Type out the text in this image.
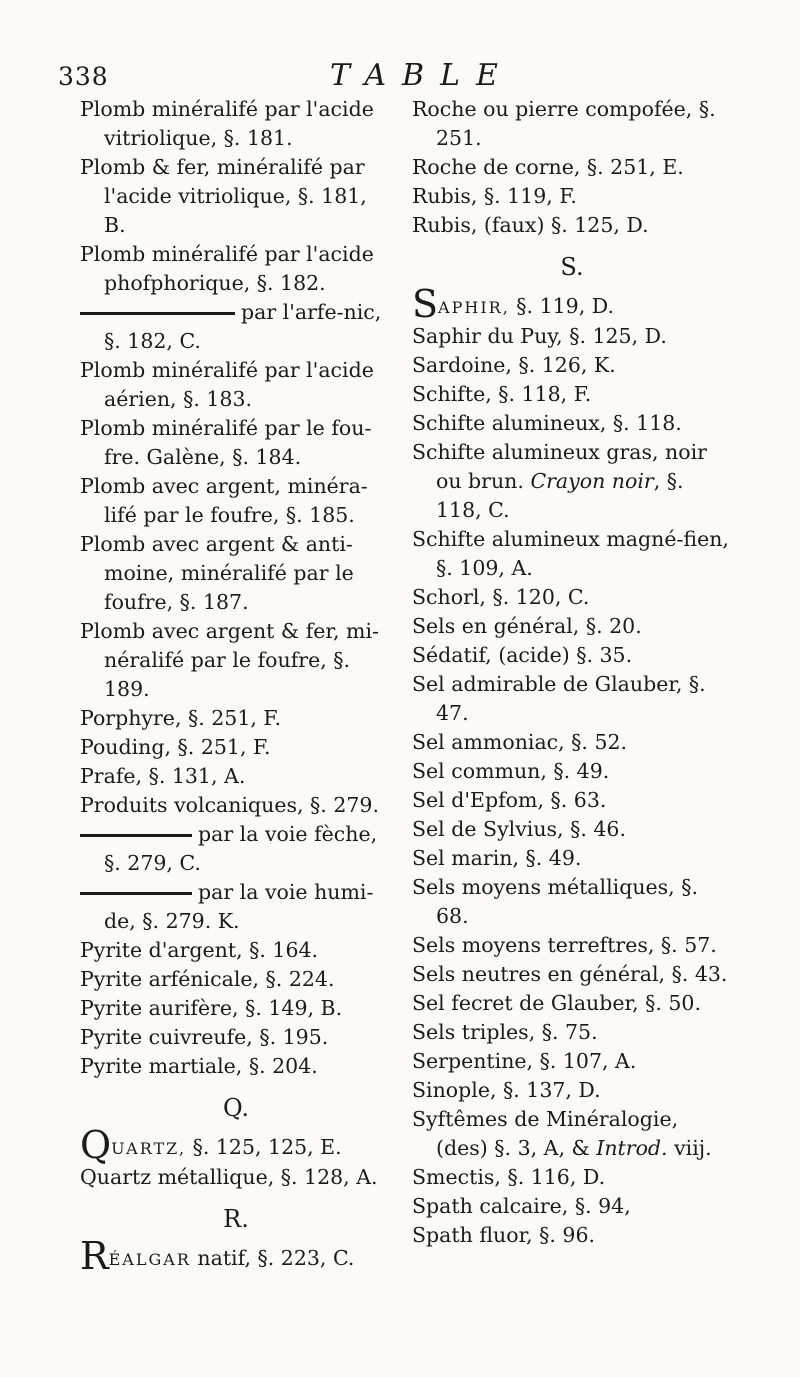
338	TABLE
Plomb minéralifé par l'acide vitriolique, §. 181.
Plomb & fer, minéralifé par l'acide vitriolique, §. 181, B.
Plomb minéralifé par l'acide phofphorique, §. 182.
par l'arfe-nic, §. 182, C.
Plomb minéralifé par l'acide aérien, §. 183.
Plomb minéralifé par le fou-fre. Galène, §. 184.
Plomb avec argent, minéra-lifé par le foufre, §. 185.
Plomb avec argent & anti-moine, minéralifé par le foufre, §. 187.
Plomb avec argent & fer, mi-néralifé par le foufre, §. 189.
Porphyre, §. 251, F.
Pouding, §. 251, F.
Prafe, §. 131, A.
Produits volcaniques, §. 279.
par la voie fèche, §. 279, C.
par la voie humi-de, §. 279. K.
Pyrite d'argent, §. 164.
Pyrite arfénicale, §. 224.
Pyrite aurifère, §. 149, B.
Pyrite cuivreufe, §. 195.
Pyrite martiale, §. 204.
Q.
QUARTZ, §. 125, 125, E.
Quartz métallique, §. 128, A.
R.
RÉALGAR natif, §. 223, C.
Roche ou pierre compofée, §. 251.
Roche de corne, §. 251, E.
Rubis, §. 119, F.
Rubis, (faux) §. 125, D.
S.
SAPHIR, §. 119, D.
Saphir du Puy, §. 125, D.
Sardoine, §. 126, K.
Schifte, §. 118, F.
Schifte alumineux, §. 118.
Schifte alumineux gras, noir ou brun. Crayon noir, §. 118, C.
Schifte alumineux magné-fien, §. 109, A.
Schorl, §. 120, C.
Sels en général, §. 20.
Sédatif, (acide) §. 35.
Sel admirable de Glauber, §. 47.
Sel ammoniac, §. 52.
Sel commun, §. 49.
Sel d'Epfom, §. 63.
Sel de Sylvius, §. 46.
Sel marin, §. 49.
Sels moyens métalliques, §. 68.
Sels moyens terreftres, §. 57.
Sels neutres en général, §. 43.
Sel fecret de Glauber, §. 50.
Sels triples, §. 75.
Serpentine, §. 107, A.
Sinople, §. 137, D.
Syftêmes de Minéralogie, (des) §. 3, A, & Introd. viij.
Smectis, §. 116, D.
Spath calcaire, §. 94,
Spath fluor, §. 96.
